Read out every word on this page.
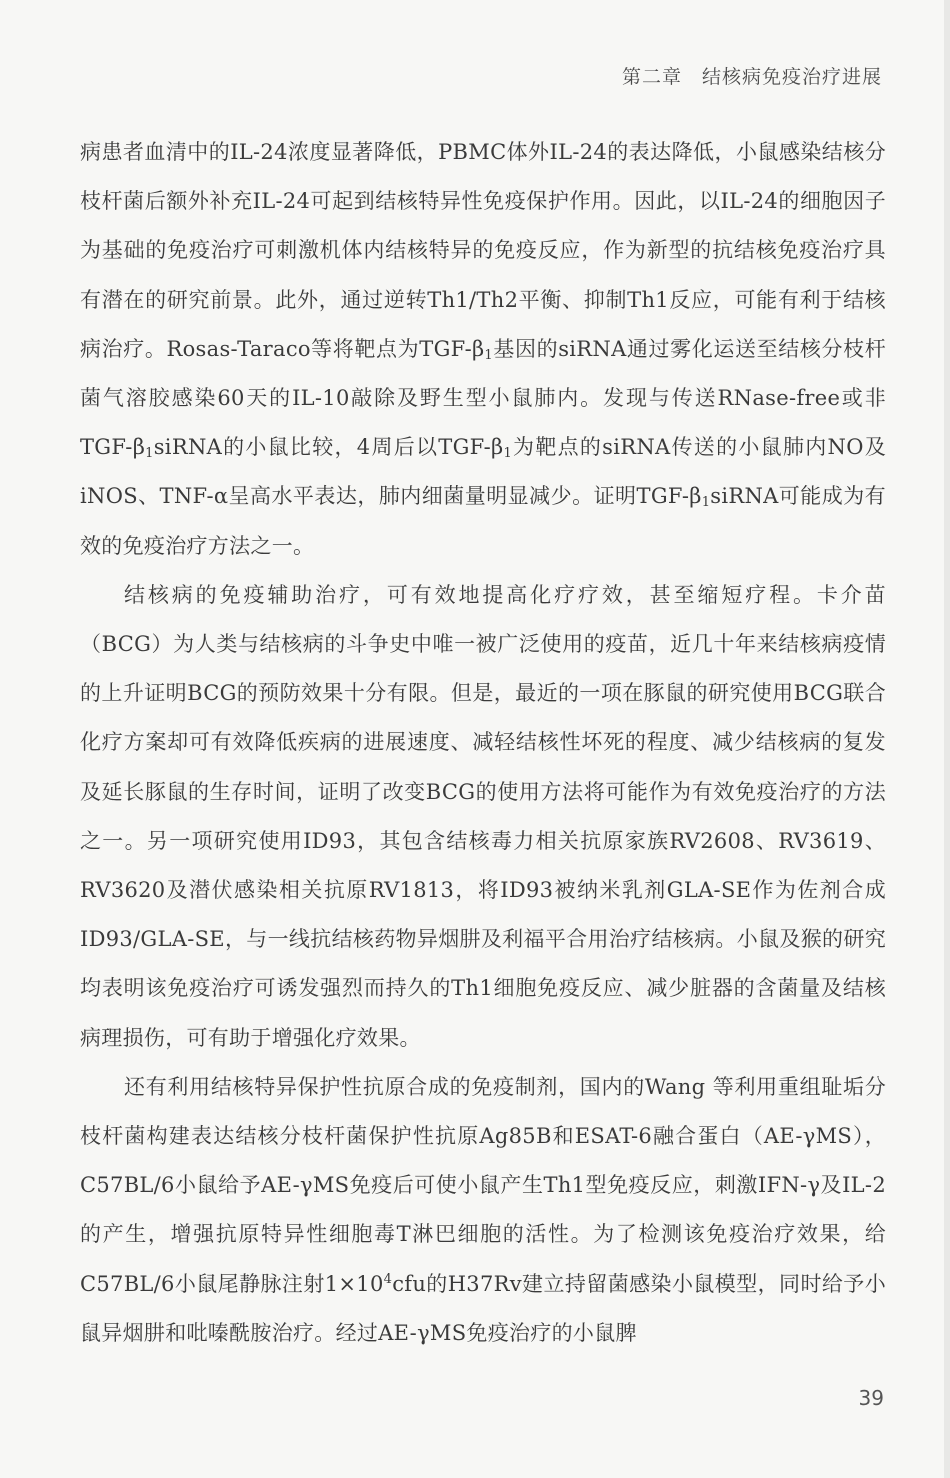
第二章 结核病免疫治疗进展

病患者血清中的IL-24浓度显著降低，PBMC体外IL-24的表达降低，小鼠感染结核分枝杆菌后额外补充IL-24可起到结核特异性免疫保护作用。因此，以IL-24的细胞因子为基础的免疫治疗可刺激机体内结核特异的免疫反应，作为新型的抗结核免疫治疗具有潜在的研究前景。此外，通过逆转Th1/Th2平衡、抑制Th1反应，可能有利于结核病治疗。Rosas-Taraco等将靶点为TGF-$\beta_1$基因的siRNA通过雾化运送至结核分枝杆菌气溶胶感染60天的IL-10敲除及野生型小鼠肺内。发现与传送RNase-free或非TGF-$\beta_1siRNA$的小鼠比较，4周后以TGF-$\beta_1$为靶点的siRNA传送的小鼠肺内NO及iNOS、TNF-α呈高水平表达，肺内细菌量明显减少。证明TGF-$\beta_1siRNA$可能成为有效的免疫治疗方法之一。

结核病的免疫辅助治疗，可有效地提高化疗疗效，甚至缩短疗程。卡介苗（BCG）为人类与结核病的斗争史中唯一被广泛使用的疫苗，近几十年来结核病疫情的上升证明BCG的预防效果十分有限。但是，最近的一项在豚鼠的研究使用BCG联合化疗方案却可有效降低疾病的进展速度、减轻结核性坏死的程度、减少结核病的复发及延长豚鼠的生存时间，证明了改变BCG的使用方法将可能作为有效免疫治疗的方法之一。另一项研究使用ID93，其包含结核毒力相关抗原家族RV2608、RV3619、RV3620及潜伏感染相关抗原RV1813，将ID93被纳米乳剂GLA-SE作为佐剂合成ID93/GLA-SE，与一线抗结核药物异烟肼及利福平合用治疗结核病。小鼠及猴的研究均表明该免疫治疗可诱发强烈而持久的Th1细胞免疫反应、减少脏器的含菌量及结核病理损伤，可有助于增强化疗效果。

还有利用结核特异保护性抗原合成的免疫制剂，国内的Wang 等利用重组耻垢分枝杆菌构建表达结核分枝杆菌保护性抗原Ag85B和ESAT-6融合蛋白（AE-γMS），C57BL/6小鼠给予AE-γMS免疫后可使小鼠产生Th1型免疫反应，刺激IFN-γ及IL-2的产生，增强抗原特异性细胞毒T淋巴细胞的活性。为了检测该免疫治疗效果，给C57BL/6小鼠尾静脉注射$1\times 10^4cfu$的H37Rv建立持留菌感染小鼠模型，同时给予小鼠异烟肼和吡嗪酰胺治疗。经过AE-γMS免疫治疗的小鼠脾

39
